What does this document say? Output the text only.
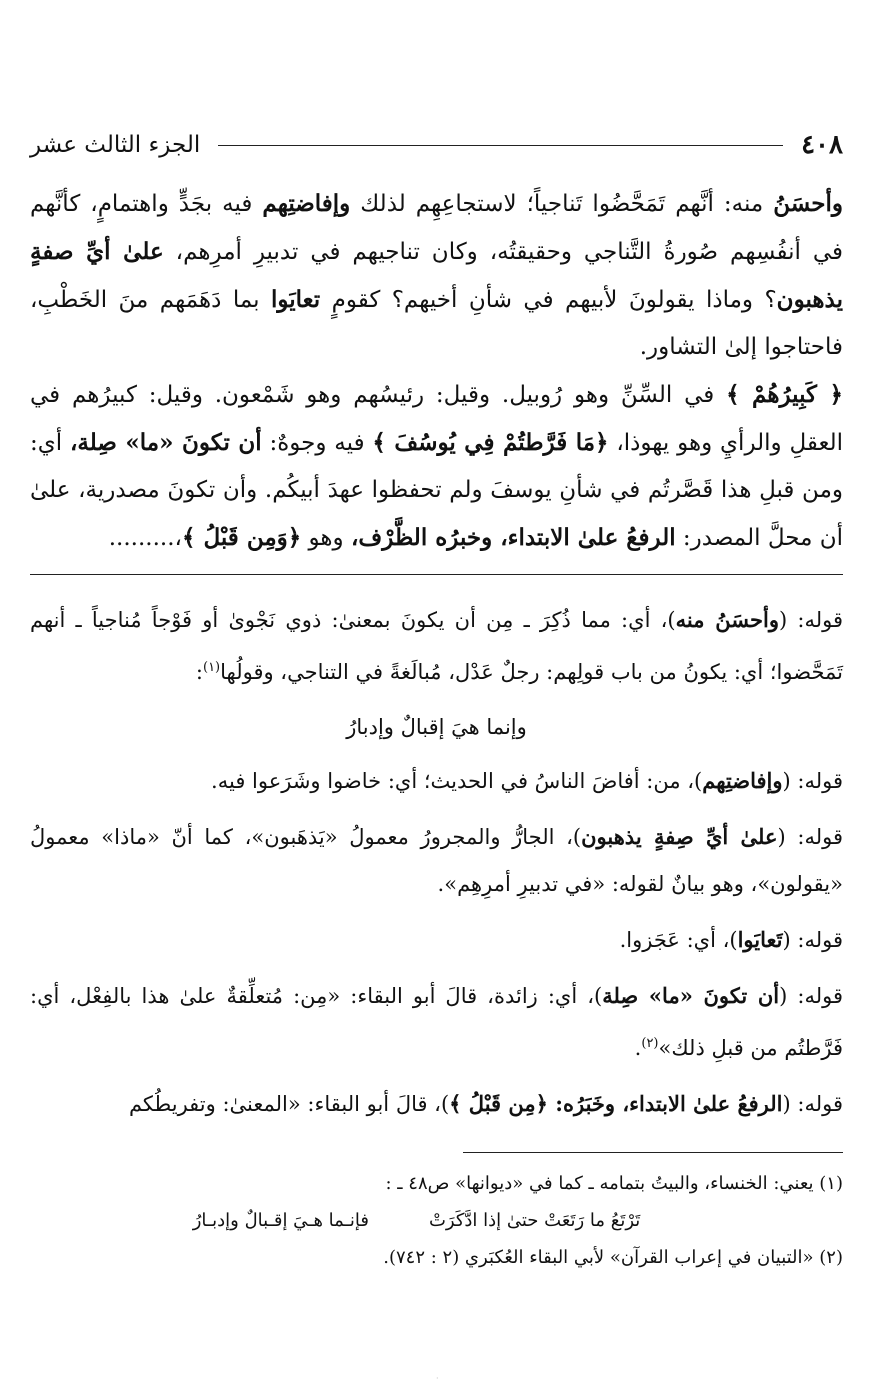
٤٠٨
الجزء الثالث عشر

وأحسَنُ منه: أنَّهم تَمَحَّضُوا تَناجياً؛ لاستجاعِهِم لذلك وإفاضتِهم فيه بجَدٍّ واهتمامٍ، كأنَّهم في أنفُسِهم صُورةُ التَّناجي وحقيقتُه، وكان تناجيهم في تدبيرِ أمرِهم، علىٰ أيِّ صفةٍ يذهبون؟ وماذا يقولونَ لأبيهم في شأنِ أخيهم؟ كقومٍ تعايَوا بما دَهَمَهم منَ الخَطْبِ، فاحتاجوا إلىٰ التشاور.

﴿ كَبِيرُهُمْ ﴾ في السِّنِّ وهو رُوبيل. وقيل: رئيسُهم وهو شَمْعون. وقيل: كبيرُهم في العقلِ والرأيِ وهو يهوذا، ﴿مَا فَرَّطتُمْ فِي يُوسُفَ ﴾ فيه وجوهٌ: أن تكونَ «ما» صِلة، أي: ومن قبلِ هذا قَصَّرتُم في شأنِ يوسفَ ولم تحفظوا عهدَ أبيكُم. وأن تكونَ مصدرية، علىٰ أن محلَّ المصدر: الرفعُ علىٰ الابتداء، وخبرُه الظَّرْف، وهو ﴿وَمِن قَبْلُ ﴾،.........

قوله: (وأحسَنُ منه)، أي: مما ذُكِرَ ـ مِن أن يكونَ بمعنىٰ: ذوي نَجْوىٰ أو فَوْجاً مُناجياً ـ أنهم تَمَحَّضوا؛ أي: يكونُ من باب قولِهم: رجلٌ عَدْل، مُبالَغةً في التناجي، وقولُها$^{(١)}$:

وإنما هيَ إقبالٌ وإدبارُ

قوله: (وإفاضتِهم)، من: أفاضَ الناسُ في الحديث؛ أي: خاضوا وشَرَعوا فيه.

قوله: (علىٰ أيِّ صِفةٍ يذهبون)، الجارُّ والمجرورُ معمولُ «يَذهَبون»، كما أنّ «ماذا» معمولُ «يقولون»، وهو بيانٌ لقوله: «في تدبيرِ أمرِهِم».

قوله: (تَعايَوا)، أي: عَجَزوا.

قوله: (أن تكونَ «ما» صِلة)، أي: زائدة، قالَ أبو البقاء: «مِن: مُتعلِّقةٌ علىٰ هذا بالفِعْل، أي: فَرَّطتُم من قبلِ ذلك»$^{(٢)}$.

قوله: (الرفعُ علىٰ الابتداء، وخَبَرُه: ﴿مِن قَبْلُ ﴾)، قالَ أبو البقاء: «المعنىٰ: وتفريطُكم

(١) يعني: الخنساء، والبيتُ بتمامه ـ كما في «ديوانها» ص٤٨ ـ :

تَرْتَعُ ما رَتَعَتْ حتىٰ إذا ادَّكَرَتْ
فإنـما هـيَ إقـبالٌ وإدبـارُ

(٢) «التبيان في إعراب القرآن» لأبي البقاء العُكبَري (٢ : ٧٤٢).

·
